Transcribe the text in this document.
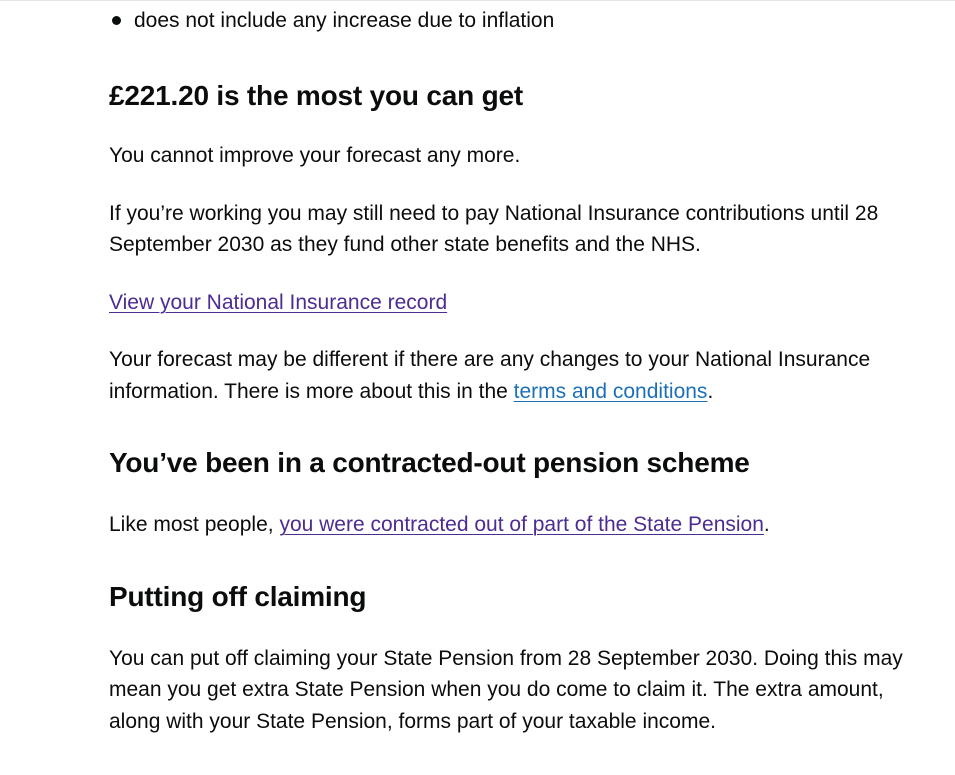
does not include any increase due to inflation
£221.20 is the most you can get

You cannot improve your forecast any more.

If you’re working you may still need to pay National Insurance contributions until 28 September 2030 as they fund other state benefits and the NHS.

View your National Insurance record

Your forecast may be different if there are any changes to your National Insurance information. There is more about this in the terms and conditions.

You’ve been in a contracted-out pension scheme

Like most people, you were contracted out of part of the State Pension.

Putting off claiming

You can put off claiming your State Pension from 28 September 2030. Doing this may mean you get extra State Pension when you do come to claim it. The extra amount, along with your State Pension, forms part of your taxable income.
